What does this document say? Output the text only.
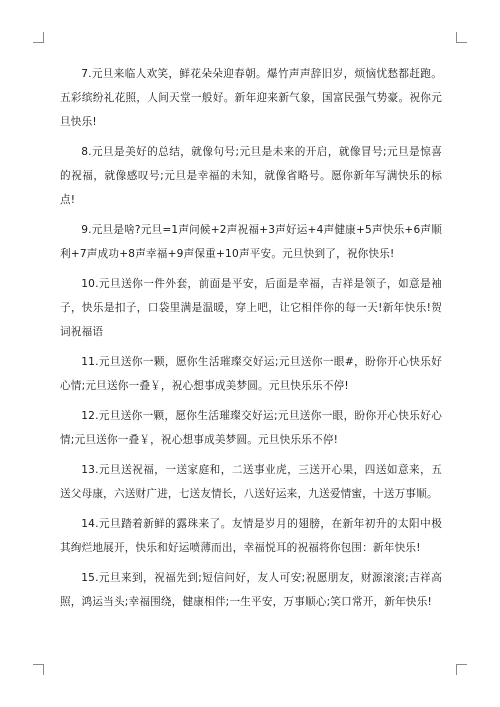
7.元旦来临人欢笑，鲜花朵朵迎春朝。爆竹声声辞旧岁，烦恼忧愁都赶跑。五彩缤纷礼花照，人间天堂一般好。新年迎来新气象，国富民强气势豪。祝你元旦快乐!

8.元旦是美好的总结，就像句号;元旦是未来的开启，就像冒号;元旦是惊喜的祝福，就像感叹号;元旦是幸福的未知，就像省略号。愿你新年写满快乐的标点!

9.元旦是啥?元旦=1声问候+2声祝福+3声好运+4声健康+5声快乐+6声顺利+7声成功+8声幸福+9声保重+10声平安。元旦快到了，祝你快乐!

10.元旦送你一件外套，前面是平安，后面是幸福，吉祥是领子，如意是袖子，快乐是扣子，口袋里满是温暖，穿上吧，让它相伴你的每一天!新年快乐!贺词祝福语

11.元旦送你一颗，愿你生活璀璨交好运;元旦送你一眼#，盼你开心快乐好心情;元旦送你一叠￥，祝心想事成美梦圆。元旦快乐乐不停!

12.元旦送你一颗，愿你生活璀璨交好运;元旦送你一眼，盼你开心快乐好心情;元旦送你一叠￥，祝心想事成美梦圆。元旦快乐乐不停!

13.元旦送祝福，一送家庭和，二送事业虎，三送开心果，四送如意来，五送父母康，六送财广进，七送友情长，八送好运来，九送爱情蜜，十送万事顺。

14.元旦踏着新鲜的露珠来了。友情是岁月的翅膀，在新年初升的太阳中极其绚烂地展开，快乐和好运喷薄而出，幸福悦耳的祝福将你包围：新年快乐!

15.元旦来到，祝福先到;短信问好，友人可安;祝愿朋友，财源滚滚;吉祥高照，鸿运当头;幸福围绕，健康相伴;一生平安，万事顺心;笑口常开，新年快乐!
